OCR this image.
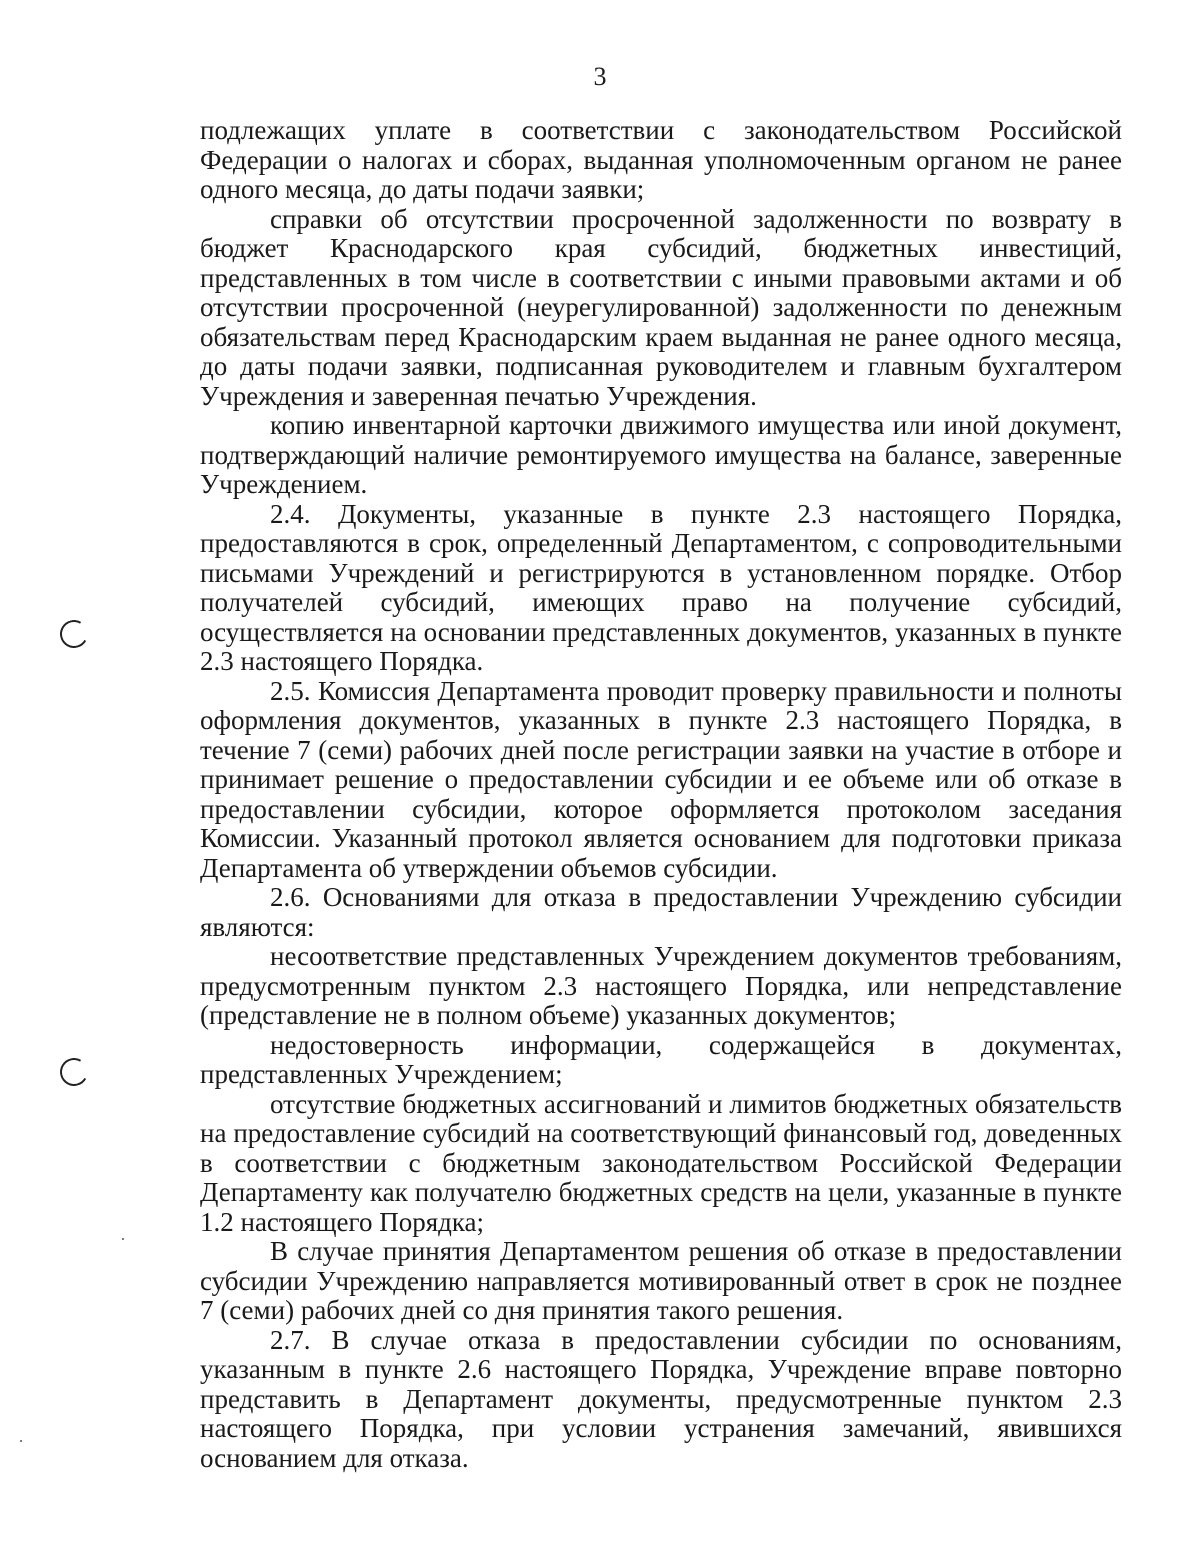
3

подлежащих уплате в соответствии с законодательством Российской Федерации о налогах и сборах, выданная уполномоченным органом не ранее одного месяца, до даты подачи заявки;

справки об отсутствии просроченной задолженности по возврату в бюджет Краснодарского края субсидий, бюджетных инвестиций, представленных в том числе в соответствии с иными правовыми актами и об отсутствии просроченной (неурегулированной) задолженности по денежным обязательствам перед Краснодарским краем выданная не ранее одного месяца, до даты подачи заявки, подписанная руководителем и главным бухгалтером Учреждения и заверенная печатью Учреждения.

копию инвентарной карточки движимого имущества или иной документ, подтверждающий наличие ремонтируемого имущества на балансе, заверенные Учреждением.

2.4. Документы, указанные в пункте 2.3 настоящего Порядка, предоставляются в срок, определенный Департаментом, с сопроводительными письмами Учреждений и регистрируются в установленном порядке. Отбор получателей субсидий, имеющих право на получение субсидий, осуществляется на основании представленных документов, указанных в пункте 2.3 настоящего Порядка.

2.5. Комиссия Департамента проводит проверку правильности и полноты оформления документов, указанных в пункте 2.3 настоящего Порядка, в течение 7 (семи) рабочих дней после регистрации заявки на участие в отборе и принимает решение о предоставлении субсидии и ее объеме или об отказе в предоставлении субсидии, которое оформляется протоколом заседания Комиссии. Указанный протокол является основанием для подготовки приказа Департамента об утверждении объемов субсидии.

2.6. Основаниями для отказа в предоставлении Учреждению субсидии являются:

несоответствие представленных Учреждением документов требованиям, предусмотренным пунктом 2.3 настоящего Порядка, или непредставление (представление не в полном объеме) указанных документов;

недостоверность информации, содержащейся в документах, представленных Учреждением;

отсутствие бюджетных ассигнований и лимитов бюджетных обязательств на предоставление субсидий на соответствующий финансовый год, доведенных в соответствии с бюджетным законодательством Российской Федерации Департаменту как получателю бюджетных средств на цели, указанные в пункте 1.2 настоящего Порядка;

В случае принятия Департаментом решения об отказе в предоставлении субсидии Учреждению направляется мотивированный ответ в срок не позднее 7 (семи) рабочих дней со дня принятия такого решения.

2.7. В случае отказа в предоставлении субсидии по основаниям, указанным в пункте 2.6 настоящего Порядка, Учреждение вправе повторно представить в Департамент документы, предусмотренные пунктом 2.3 настоящего Порядка, при условии устранения замечаний, явившихся основанием для отказа.
